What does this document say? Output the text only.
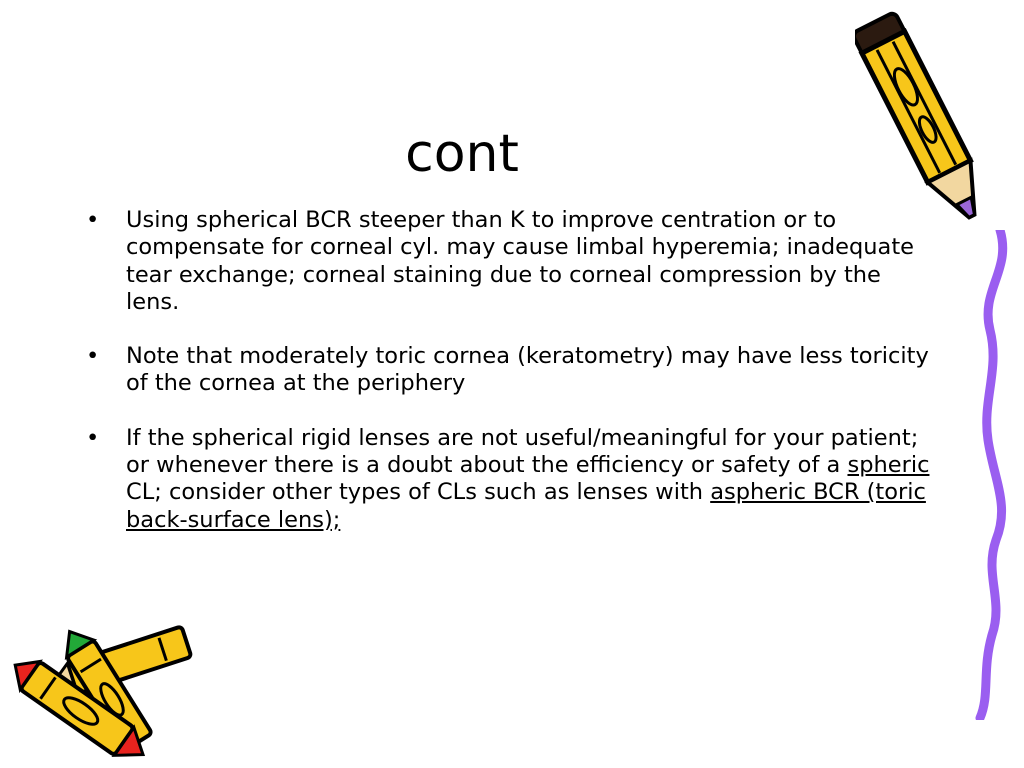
cont
• Using spherical BCR steeper than K to improve centration or to compensate for corneal cyl. may cause limbal hyperemia; inadequate tear exchange; corneal staining due to corneal compression by the lens.
• Note that moderately toric cornea (keratometry) may have less toricity of the cornea at the periphery
• If the spherical rigid lenses are not useful/meaningful for your patient; or whenever there is a doubt about the efficiency or safety of a spheric CL; consider other types of CLs such as lenses with aspheric BCR (toric back-surface lens);
